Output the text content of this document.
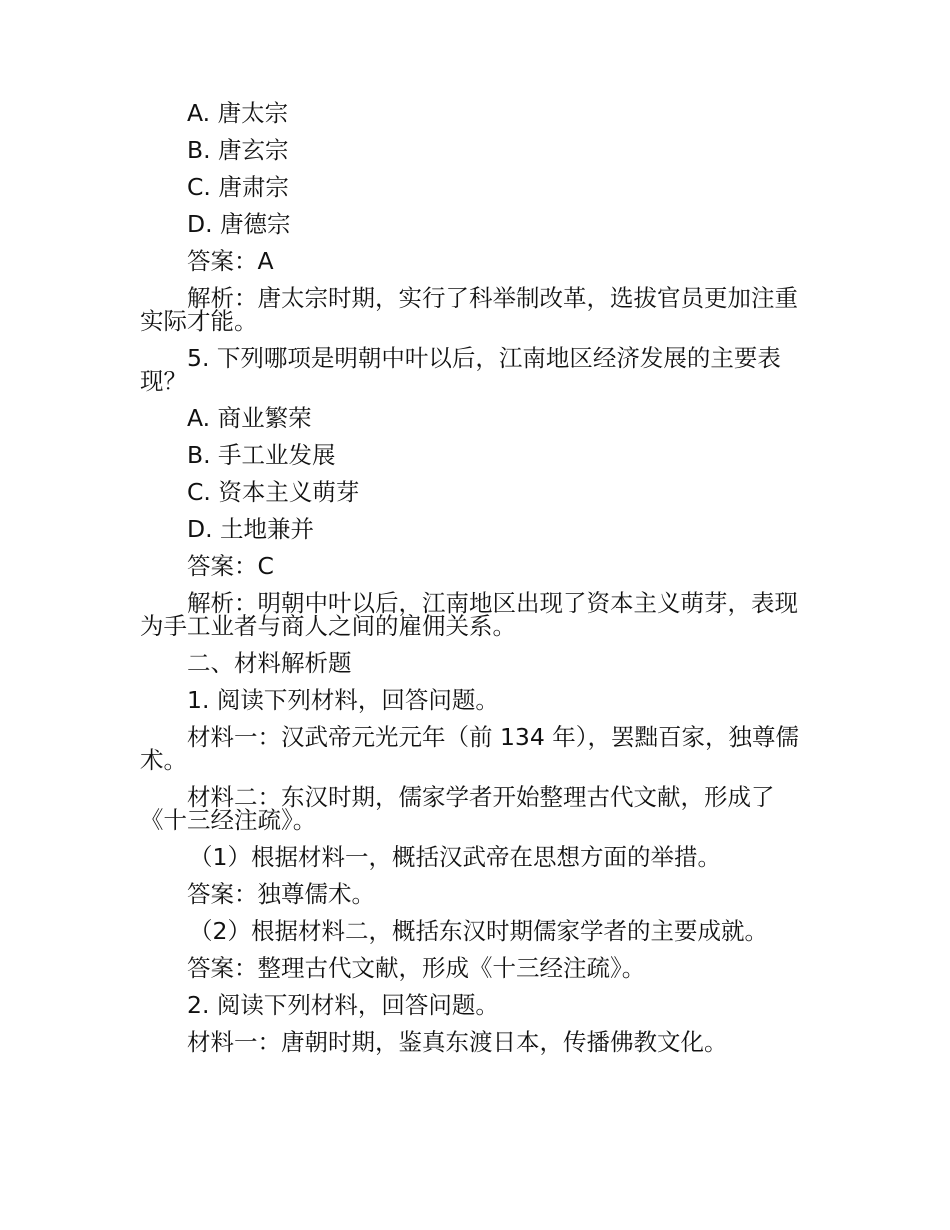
A. 唐太宗

B. 唐玄宗

C. 唐肃宗

D. 唐德宗

答案：A

解析：唐太宗时期，实行了科举制改革，选拔官员更加注重实际才能。

5. 下列哪项是明朝中叶以后，江南地区经济发展的主要表现？

A. 商业繁荣

B. 手工业发展

C. 资本主义萌芽

D. 土地兼并

答案：C

解析：明朝中叶以后，江南地区出现了资本主义萌芽，表现为手工业者与商人之间的雇佣关系。

二、材料解析题

1. 阅读下列材料，回答问题。

材料一：汉武帝元光元年（前 134 年），罢黜百家，独尊儒术。

材料二：东汉时期，儒家学者开始整理古代文献，形成了《十三经注疏》。

（1）根据材料一，概括汉武帝在思想方面的举措。

答案：独尊儒术。

（2）根据材料二，概括东汉时期儒家学者的主要成就。

答案：整理古代文献，形成《十三经注疏》。

2. 阅读下列材料，回答问题。

材料一：唐朝时期，鉴真东渡日本，传播佛教文化。
